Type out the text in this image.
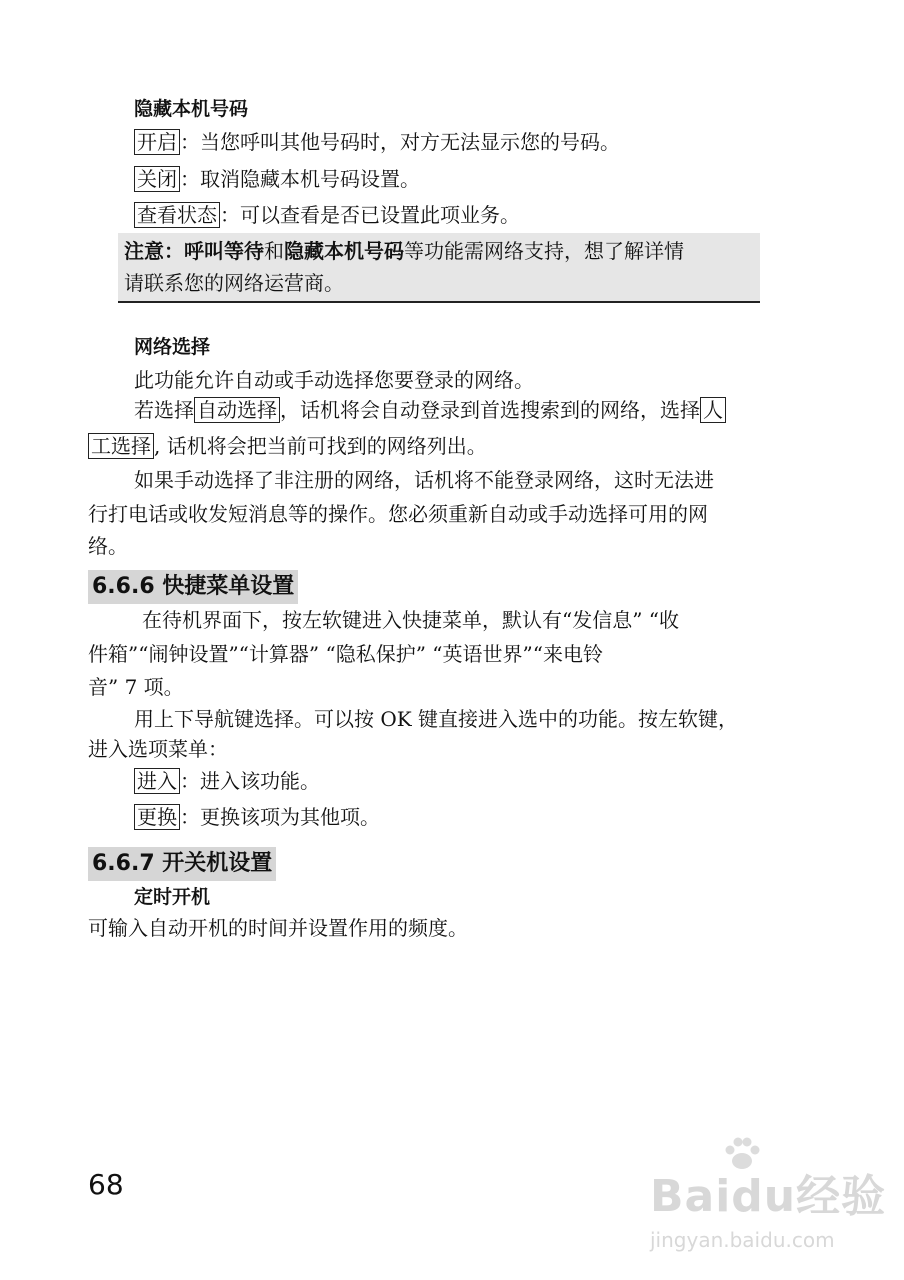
隐藏本机号码
开启 ：当您呼叫其他号码时，对方无法显示您的号码。
关闭 ：取消隐藏本机号码设置。
查看状态 ：可以查看是否已设置此项业务。
注意：呼叫等待和隐藏本机号码等功能需网络支持，想了解详情
请联系您的网络运营商。
网络选择
此功能允许自动或手动选择您要登录的网络。
若选择 自动选择 ，话机将会自动登录到首选搜索到的网络，选择 人
工选择 , 话机将会把当前可找到的网络列出。
如果手动选择了非注册的网络，话机将不能登录网络，这时无法进
行打电话或收发短消息等的操作。您必须重新自动或手动选择可用的网
络。
6.6.6 快捷菜单设置
在待机界面下，按左软键进入快捷菜单，默认有“发信息” “收
件箱”“闹钟设置”“计算器” “隐私保护” “英语世界”“来电铃
音” 7 项。
用上下导航键选择。可以按 OK 键直接进入选中的功能。按左软键，
进入选项菜单：
进入 ：进入该功能。
更换 ：更换该项为其他项。
6.6.7 开关机设置
定时开机
可输入自动开机的时间并设置作用的频度。
68	Baidu经验
jingyan.baidu.com
